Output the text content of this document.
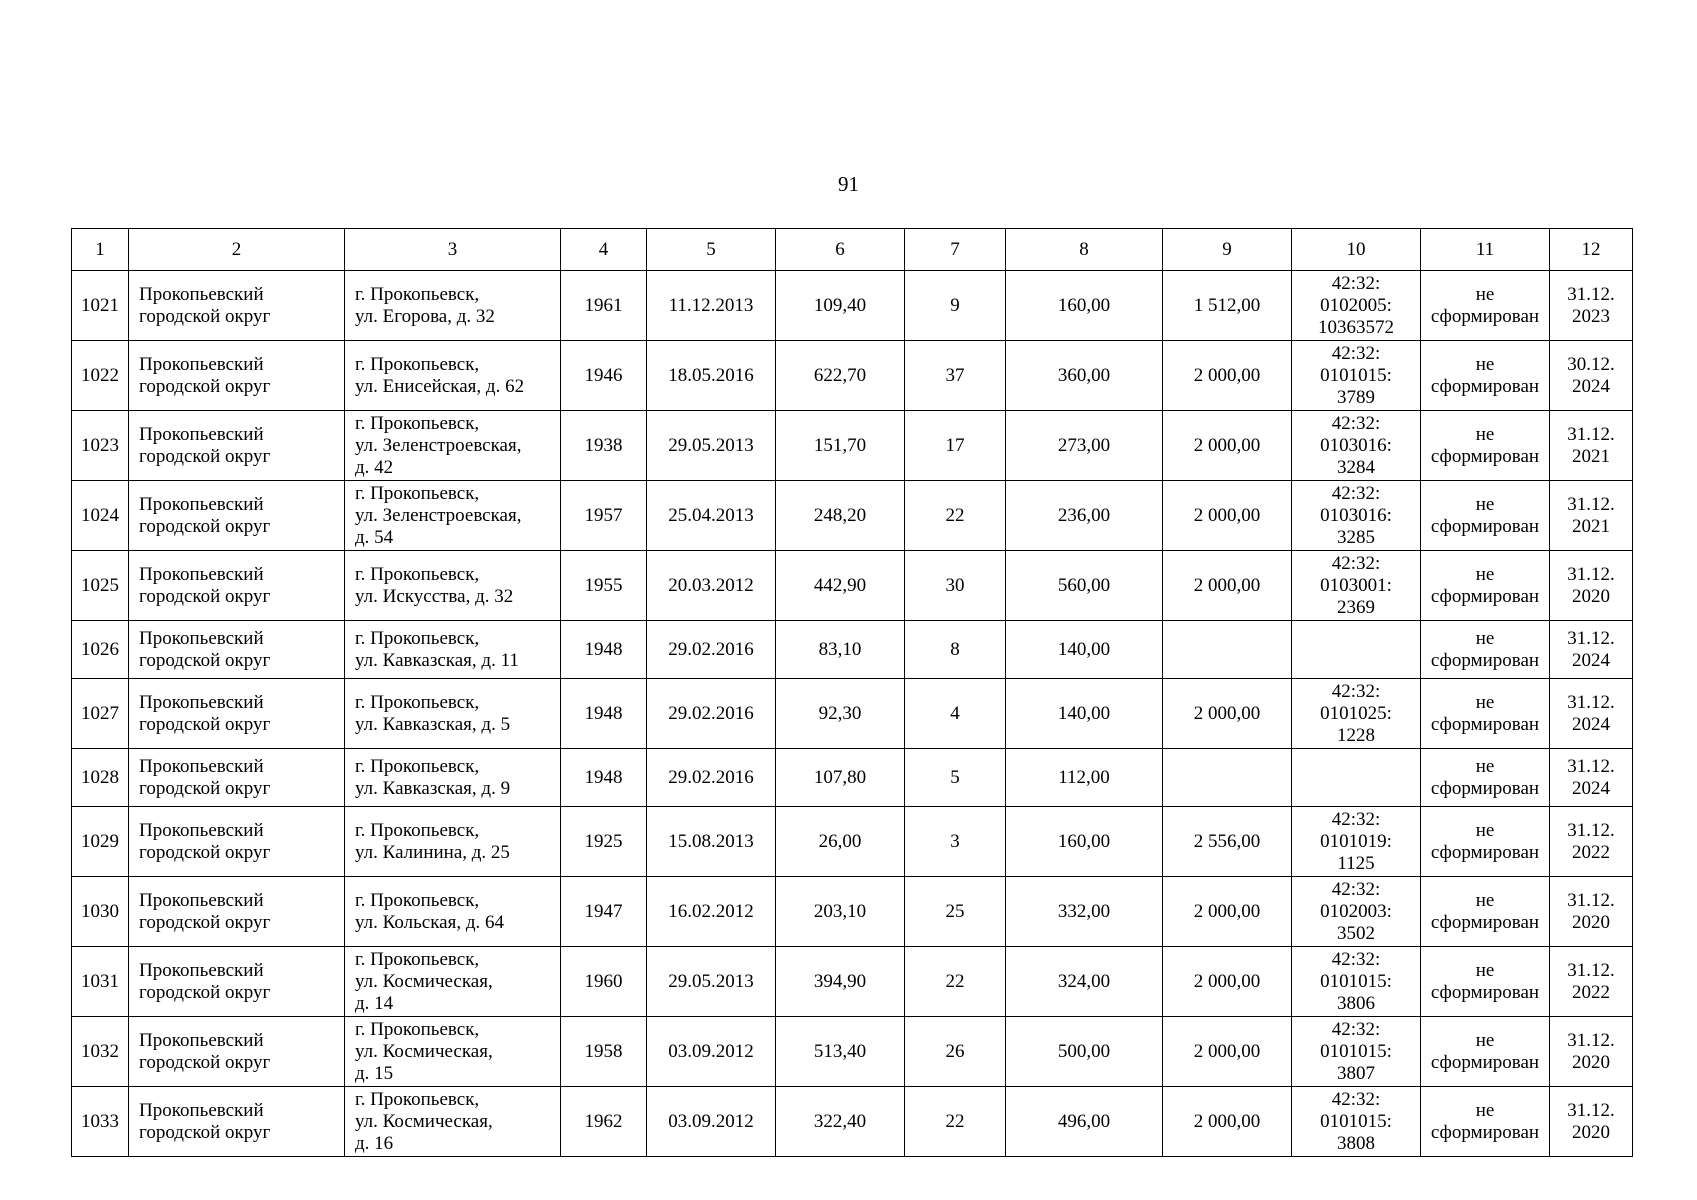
91
1	2	3	4	5	6	7	8	9	10	11	12

1021	Прокопьевский
городской округ	г. Прокопьевск,
ул. Егорова, д. 32	1961	11.12.2013	109,40	9	160,00	1 512,00	42:32:
0102005:
10363572	не
сформирован	31.12.
2023

1022	Прокопьевский
городской округ	г. Прокопьевск,
ул. Енисейская, д. 62	1946	18.05.2016	622,70	37	360,00	2 000,00	42:32:
0101015:
3789	не
сформирован	30.12.
2024

1023	Прокопьевский
городской округ	г. Прокопьевск,
ул. Зеленстроевская,
д. 42	1938	29.05.2013	151,70	17	273,00	2 000,00	42:32:
0103016:
3284	не
сформирован	31.12.
2021

1024	Прокопьевский
городской округ	г. Прокопьевск,
ул. Зеленстроевская,
д. 54	1957	25.04.2013	248,20	22	236,00	2 000,00	42:32:
0103016:
3285	не
сформирован	31.12.
2021

1025	Прокопьевский
городской округ	г. Прокопьевск,
ул. Искусства, д. 32	1955	20.03.2012	442,90	30	560,00	2 000,00	42:32:
0103001:
2369	не
сформирован	31.12.
2020

1026	Прокопьевский
городской округ	г. Прокопьевск,
ул. Кавказская, д. 11	1948	29.02.2016	83,10	8	140,00			не
сформирован	31.12.
2024

1027	Прокопьевский
городской округ	г. Прокопьевск,
ул. Кавказская, д. 5	1948	29.02.2016	92,30	4	140,00	2 000,00	42:32:
0101025:
1228	не
сформирован	31.12.
2024

1028	Прокопьевский
городской округ	г. Прокопьевск,
ул. Кавказская, д. 9	1948	29.02.2016	107,80	5	112,00			не
сформирован	31.12.
2024

1029	Прокопьевский
городской округ	г. Прокопьевск,
ул. Калинина, д. 25	1925	15.08.2013	26,00	3	160,00	2 556,00	42:32:
0101019:
1125	не
сформирован	31.12.
2022

1030	Прокопьевский
городской округ	г. Прокопьевск,
ул. Кольская, д. 64	1947	16.02.2012	203,10	25	332,00	2 000,00	42:32:
0102003:
3502	не
сформирован	31.12.
2020

1031	Прокопьевский
городской округ	г. Прокопьевск,
ул. Космическая,
д. 14	1960	29.05.2013	394,90	22	324,00	2 000,00	42:32:
0101015:
3806	не
сформирован	31.12.
2022

1032	Прокопьевский
городской округ	г. Прокопьевск,
ул. Космическая,
д. 15	1958	03.09.2012	513,40	26	500,00	2 000,00	42:32:
0101015:
3807	не
сформирован	31.12.
2020

1033	Прокопьевский
городской округ	г. Прокопьевск,
ул. Космическая,
д. 16	1962	03.09.2012	322,40	22	496,00	2 000,00	42:32:
0101015:
3808	не
сформирован	31.12.
2020
